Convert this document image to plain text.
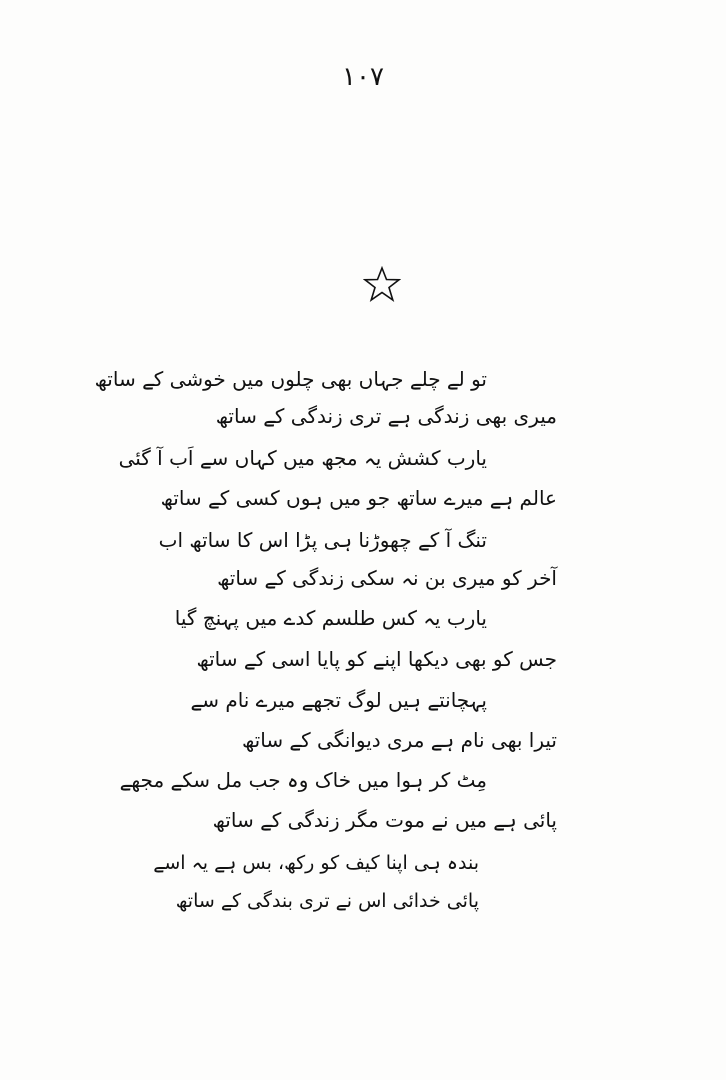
۱۰۷
تو لے چلے جہاں بھی چلوں میں خوشی کے ساتھ
میری بھی زندگی ہے تری زندگی کے ساتھ
یارب کشش یہ مجھ میں کہاں سے اَب آ گئی
عالم ہے میرے ساتھ جو میں ہوں کسی کے ساتھ
تنگ آ کے چھوڑنا ہی پڑا اس کا ساتھ اب
آخر کو میری بن نہ سکی زندگی کے ساتھ
یارب یہ کس طلسم کدے میں پہنچ گیا
جس کو بھی دیکھا اپنے کو پایا اسی کے ساتھ
پہچانتے ہیں لوگ تجھے میرے نام سے
تیرا بھی نام ہے مری دیوانگی کے ساتھ
مِٹ کر ہوا میں خاک وہ جب مل سکے مجھے
پائی ہے میں نے موت مگر زندگی کے ساتھ
بندہ ہی اپنا کیف کو رکھ، بس ہے یہ اسے
پائی خدائی اس نے تری بندگی کے ساتھ
